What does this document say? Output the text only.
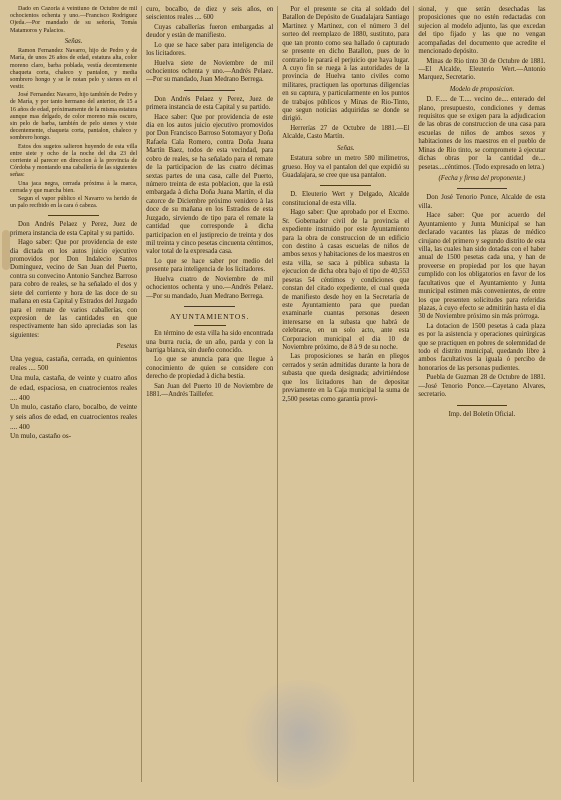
Dado en Cazorla à veintiuno de Octubre de mil ochocientos ochenta y uno.—Francisco Rodriguez Ojeda.—Por mandado de su señoría, Tomás Matamoros y Palacios.

Señas.

Ramon Fernandez Navarro, hijo de Pedro y de María, de unos 26 años de edad, estatura alta, color moreno claro, barba poblada, vestía decentemente chaqueta corta, chaleco y pantalon, y media sombrero hongo y se le notan pelo y sienes en el vestir.

José Fernandez Navarro, hijo también de Pedro y de María, y por tanto hermano del anterior, de 15 a 16 años de edad, próximamente de la misma estatura aunque mas delgado, de color moreno más oscuro, sin pelo de barba, también de pelo sienes y viste decentemente, chaqueta corta, pantalon, chaleco y sombrero hongo.

Estos dos sugetos salieron huyendo de esta villa entre siete y ocho de la noche del dia 23 del corriente al parecer en direccion à la provincia de Córdoba y montando una caballería de las siguientes señas:

Una jaca negra, cerrada próxima à la marca, cerrada y que marcha bien.

Segun el vapor público el Navarro va herido de un palo recibido en la cara ó cabeza.

Don Andrés Pelaez y Perez, Juez de primera instancia de esta Capital y su partido.

Hago saber: Que por providencia de este dia dictada en los autos juicio ejecutivo promovidos por Don Indalecio Santos Dominguez, vecino de San Juan del Puerto, contra su convecino Antonio Sanchez Barroso para cobro de reales, se ha señalado el dos y siete del corriente y hora de las doce de su mañana en esta Capital y Estrados del Juzgado para el remate de varios caballerías, con expresion de las cantidades en que respectivamente han sido apreciadas son las siguientes:

Pesetas

Una yegua, castaña, cerrada, en quinientos reales .... 500

Una mula, castaña, de veinte y cuatro años de edad, espaciosa, en cuatrocientos reales .... 400

Un mulo, castaño claro, bocalbo, de veinte y seis años de edad, en cuatrocientos reales .... 400

Un mulo, castaño os-

curo, bocalbo, de diez y seis años, en seiscientos reales .... 600

Cuyas caballerías fueron embargadas al deudor y estàn de manifiesto.

Lo que se hace saber para inteligencia de los licitadores.

Huelva siete de Noviembre de mil ochocientos ochenta y uno.—Andrés Pelaez.—Por su mandado, Juan Medrano Berrega.

Don Andrés Pelaez y Perez, Juez de primera instancia de esta Capital y su partido.

Hace saber: Que por providencia de este dia en los autos juicio ejecutivo promovidos por Don Francisco Barroso Sotomayor y Doña Rafaela Cala Romero, contra Doña Juana Martín Baez, todos de esta vecindad, para cobro de reales, se ha señalado para el remate de la participacion de las cuatro décimas sextas partes de una casa, calle del Puerto, número treinta de esta poblacion, que la està embargada à dicha Doña Juana Martín, el dia catorce de Diciembre próximo venidero à las doce de su mañana en los Estrados de esta Juzgado, sirviendo de tipo para el remate la cantidad que corresponde à dicha participacion en el justiprecio de treinta y dos mil treinta y cinco pesetas cincuenta céntimos, valor total de la expresada casa.

Lo que se hace saber por medio del presente para inteligencia de los licitadores.

Huelva cuatro de Noviembre de mil ochocientos ochenta y uno.—Andrés Pelaez.—Por su mandado, Juan Medrano Berrega.

AYUNTAMIENTOS.

En término de esta villa ha sido encontrada una burra rucia, de un año, parda y con la barriga blanca, sin dueño conocido.

Lo que se anuncia para que llegue à conocimiento de quien se considere con derecho de propiedad à dicha bestia.

San Juan del Puerto 10 de Noviembre de 1881.—Andrés Taillefer.

Por el presente se cita al soldado del Batallon de Depósito de Guadalajara Santiago Martinez y Martinez, con el número 3 del sorteo del reemplazo de 1880, sustituto, para que tan pronto como sea hallado ó capturado se presente en dicho Batallon, pues de lo contrario le parará el perjuicio que haya lugar. A cuyo fin se ruega à las autoridades de la provincia de Huelva tanto civiles como militares, practiquen las oportunas diligencias en su captura, y particularmente en los puntos de trabajos públicos y Minas de Rio-Tinto, que segun noticias adquiridas se donde se dirigió.

Herrerías 27 de Octubre de 1881.—El Alcalde, Casto Martín.

Señas.

Estatura sobre un metro 580 milímetros, grueso. Hoy va el pantalon del que expidió su Guadalajara, se cree que usa pantalon.

D. Eleuterio Wert y Delgado, Alcalde constitucional de esta villa.

Hago saber: Que aprobado por el Excmo. Sr. Gobernador civil de la provincia el expediente instruido por este Ayuntamiento para la obra de construccion de un edificio con destino à casas escuelas de niños de ambos sexos y habitaciones de los maestros en esta villa, se saca à pública subasta la ejecucion de dicha obra bajo el tipo de 40,553 pesetas 54 céntimos y condiciones que constan del citado expediente, el cual queda de manifiesto desde hoy en la Secretaría de este Ayuntamiento para que puedan examinarle cuantas personas deseen interesarse en la subasta que habrá de celebrarse, en un solo acto, ante esta Corporacion municipal el dia 10 de Noviembre próximo, de 8 à 9 de su noche.

Las proposiciones se harán en pliegos cerrados y serán admitidas durante la hora de subasta que queda designada; advirtiéndose que los licitadores han de depositar previamente en la Caja municipal la suma de 2,500 pesetas como garantía provi-

sional, y que serán desechadas las proposiciones que no estén redactadas con sujecion al modelo adjunto, las que excedan del tipo fijado y las que no vengan acompañadas del documento que acredite el mencionado depósito.

Minas de Rio tinto 30 de Octubre de 1881.—El Alcalde, Eleuterio Wert.—Antonio Marquez, Secretario.

Modelo de proposicion.

D. F..... de T..... vecino de.... enterado del plano, presupuesto, condiciones y demas requisitos que se exigen para la adjudicacion de las obras de construccion de una casa para escuelas de niños de ambos sexos y habitaciones de los maestros en el pueblo de Minas de Rio tinto, se compromete à ejecutar dichas obras por la cantidad de.... pesetas....céntimos. (Todo expresado en letra.)

(Fecha y firma del proponente.)

Don José Tenorio Ponce, Alcalde de esta villa.

Hace saber: Que por acuerdo del Ayuntamiento y Junta Municipal se han declarado vacantes las plazas de médico cirujano del primero y segundo distrito de esta villa, las cuales han sido dotadas con el haber anual de 1500 pesetas cada una, y han de proveerse en propiedad por los que hayan cumplido con los obligatorios en favor de los facultativos que el Ayuntamiento y Junta municipal estimen más convenientes, de entre los que presenten solicitudes para referidas plazas, à cuyo efecto se admitirán hasta el dia 30 de Noviembre próximo sin más prórroga.

La dotacion de 1500 pesetas à cada plaza es por la asistencia y operaciones quirúrgicas que se practiquen en pobres de solemnidad de todo el distrito municipal, quedando libre à ambos facultativos la iguala ó percibo de honorarios de las personas pudientes.

Puebla de Guzman 28 de Octubre de 1881.—José Tenorio Ponce.—Cayetano Alvares, secretario.

Imp. del Boletín Oficial.
